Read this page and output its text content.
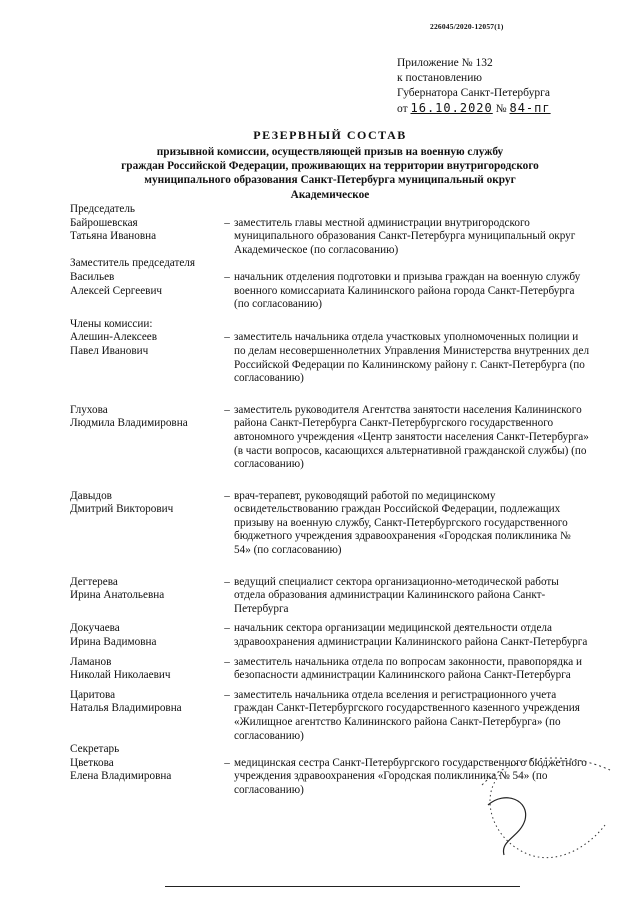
226045/2020-12057(1)
Приложение № 132
к постановлению
Губернатора Санкт-Петербурга
от 16.10.2020 № 84-пг
РЕЗЕРВНЫЙ СОСТАВ
призывной комиссии, осуществляющей призыв на военную службу
граждан Российской Федерации, проживающих на территории внутригородского
муниципального образования Санкт-Петербурга муниципальный округ
Академическое
Председатель
Байрошевская
Татьяна Ивановна
– заместитель главы местной администрации внутригородского муниципального образования Санкт-Петербурга муниципальный округ Академическое (по согласованию)
Заместитель председателя
Васильев
Алексей Сергеевич
– начальник отделения подготовки и призыва граждан на военную службу военного комиссариата Калининского района города Санкт-Петербурга (по согласованию)
Члены комиссии:
Алешин-Алексеев
Павел Иванович
– заместитель начальника отдела участковых уполномоченных полиции и по делам несовершеннолетних Управления Министерства внутренних дел Российской Федерации по Калининскому району г. Санкт-Петербурга (по согласованию)
Глухова
Людмила Владимировна
– заместитель руководителя Агентства занятости населения Калининского района Санкт-Петербурга Санкт-Петербургского государственного автономного учреждения «Центр занятости населения Санкт-Петербурга» (в части вопросов, касающихся альтернативной гражданской службы) (по согласованию)
Давыдов
Дмитрий Викторович
– врач-терапевт, руководящий работой по медицинскому освидетельствованию граждан Российской Федерации, подлежащих призыву на военную службу, Санкт-Петербургского государственного бюджетного учреждения здравоохранения «Городская поликлиника № 54» (по согласованию)
Дегтерева
Ирина Анатольевна
– ведущий специалист сектора организационно-методической работы отдела образования администрации Калининского района Санкт-Петербурга
Докучаева
Ирина Вадимовна
– начальник сектора организации медицинской деятельности отдела здравоохранения администрации Калининского района Санкт-Петербурга
Ламанов
Николай Николаевич
– заместитель начальника отдела по вопросам законности, правопорядка и безопасности администрации Калининского района Санкт-Петербурга
Царитова
Наталья Владимировна
– заместитель начальника отдела вселения и регистрационного учета граждан Санкт-Петербургского государственного казенного учреждения «Жилищное агентство Калининского района Санкт-Петербурга» (по согласованию)
Секретарь
Цветкова
Елена Владимировна
– медицинская сестра Санкт-Петербургского государственного бюджетного учреждения здравоохранения «Городская поликлиника № 54» (по согласованию)
